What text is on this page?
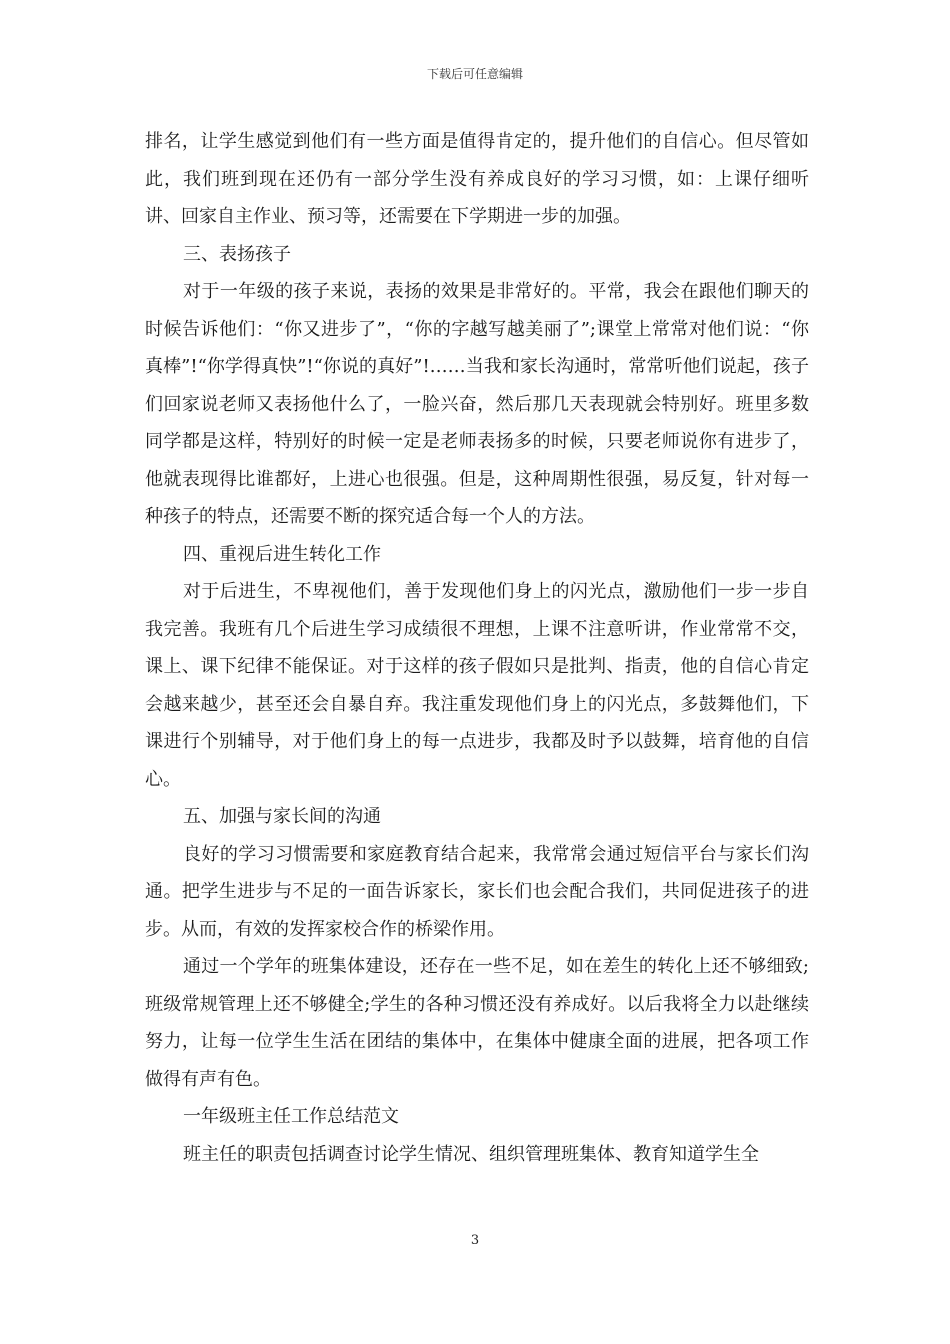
下载后可任意编辑

排名，让学生感觉到他们有一些方面是值得肯定的，提升他们的自信心。但尽管如此，我们班到现在还仍有一部分学生没有养成良好的学习习惯，如：上课仔细听讲、回家自主作业、预习等，还需要在下学期进一步的加强。

三、表扬孩子

对于一年级的孩子来说，表扬的效果是非常好的。平常，我会在跟他们聊天的时候告诉他们：“你又进步了”，“你的字越写越美丽了”;课堂上常常对他们说：“你真棒”!“你学得真快”!“你说的真好”!……当我和家长沟通时，常常听他们说起，孩子们回家说老师又表扬他什么了，一脸兴奋，然后那几天表现就会特别好。班里多数同学都是这样，特别好的时候一定是老师表扬多的时候，只要老师说你有进步了，他就表现得比谁都好，上进心也很强。但是，这种周期性很强，易反复，针对每一种孩子的特点，还需要不断的探究适合每一个人的方法。

四、重视后进生转化工作

对于后进生，不卑视他们，善于发现他们身上的闪光点，激励他们一步一步自我完善。我班有几个后进生学习成绩很不理想，上课不注意听讲，作业常常不交，课上、课下纪律不能保证。对于这样的孩子假如只是批判、指责，他的自信心肯定会越来越少，甚至还会自暴自弃。我注重发现他们身上的闪光点，多鼓舞他们，下课进行个别辅导，对于他们身上的每一点进步，我都及时予以鼓舞，培育他的自信心。

五、加强与家长间的沟通

良好的学习习惯需要和家庭教育结合起来，我常常会通过短信平台与家长们沟通。把学生进步与不足的一面告诉家长，家长们也会配合我们，共同促进孩子的进步。从而，有效的发挥家校合作的桥梁作用。

通过一个学年的班集体建设，还存在一些不足，如在差生的转化上还不够细致;班级常规管理上还不够健全;学生的各种习惯还没有养成好。以后我将全力以赴继续努力，让每一位学生生活在团结的集体中，在集体中健康全面的进展，把各项工作做得有声有色。

一年级班主任工作总结范文

班主任的职责包括调查讨论学生情况、组织管理班集体、教育知道学生全

3
